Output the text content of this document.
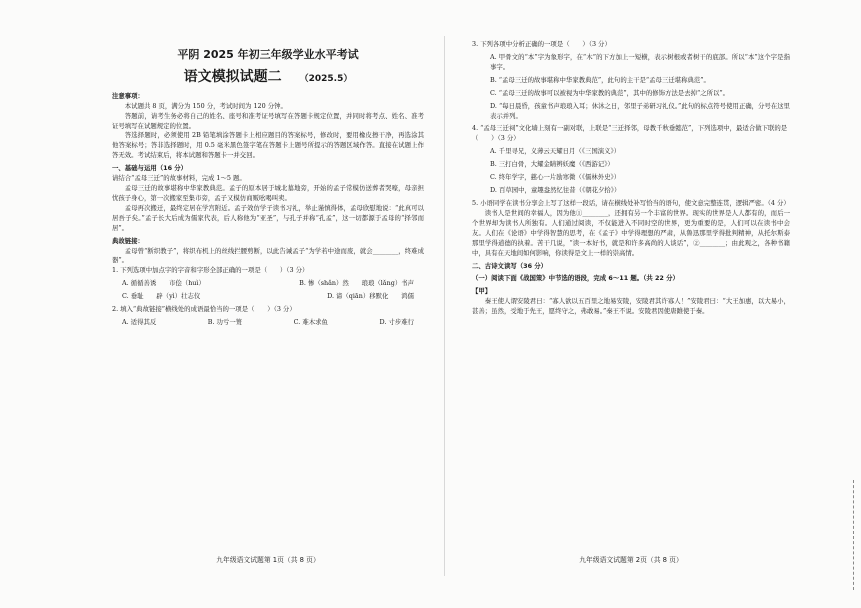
平阴 2025 年初三年级学业水平考试
语文模拟试题二 （2025.5）
注意事项：
本试题共 8 页，满分为 150 分，考试时间为 120 分钟。
答题前，请考生务必将自己的姓名、座号和准考证号填写在答题卡规定位置，并同时将考点、姓名、准考证号填写在试题规定的位置。
答选择题时，必须使用 2B 铅笔填涂答题卡上相应题目的答案标号，修改时，要用橡皮擦干净，再选涂其他答案标号；答非选择题时，用 0.5 毫米黑色签字笔在答题卡上题号所提示的答题区域作答。直接在试题上作答无效。考试结束后，将本试题和答题卡一并交回。
一、基础与运用（16 分）
请结合“孟母三迁”的故事材料，完成 1～5 题。
孟母三迁的故事堪称中华家教典范。孟子的原本居于城北墓地旁，开始的孟子常模仿送葬者哭嚎，母亲担忧孩子身心，第一次搬家至集市旁，孟子又模仿商贩吆喝叫卖。
孟母再次搬迁，最终定居在学宫附近。孟子效仿学子读书习礼，举止谨慎得体，孟母欣慰地说：“此真可以居吾子矣。”孟子长大后成为儒家代表，后人称他为“亚圣”，与孔子并称“孔孟”，这一切都源于孟母的“择邻而居”。
典故链接：
孟母曾“断织教子”，将织布机上的丝线拦腰剪断，以此告诫孟子“为学若中途而废，就会________，终难成器”。
1. 下列选项中加点字的字音和字形全部正确的一项是（　　）（3 分）
A. 循循善诱　　市侩（huì）	B. 惨（shǎn）然　　琅琅（lǎng）书声
C. 垂耻　　辟（yì）壮志仪	D. 谛（qiān）移默化　　鸿儒
2. 填入“典故链接”横线处的成语最恰当的一项是（　　）（3 分）
A. 适得其反	B. 功亏一篑	C. 难木求鱼	D. 寸步难行
九年级语文试题第 1页（共 8 页）
3. 下列各项中分析正确的一项是（　　）（3 分）
A. 甲骨文的“本”字为象形字，在“木”的下方加上一短横，表示树根或者树干的底部。所以“本”这个字是指事字。
B. “孟母三迁的故事堪称中华家教典范”，此句的主干是“孟母三迁堪称典范”。
C. “孟母三迁的故事可以被视为中华家教的典范”，其中的修饰方法是去掉“之所以”。
D. “每日晨昏，孩童书声琅琅入耳；休沐之日，邻里子弟研习礼仪。”此句的标点符号使用正确，分号在这里表示并列。
4. “孟母三迁祠”文化墙上刻有一副对联，上联是“三迁择邻，母教千秋垂懿范”，下列选项中，最适合做下联的是（　　）（3 分）
A. 千里寻兄，义薄云天耀日月（《三国演义》）
B. 三打白骨，大耀金睛辨妖魔（《西游记》）
C. 终年学字，慈心一片励寒微（《儒林外史》）
D. 百草园中，童趣盎然忆往昔（《朝花夕拾》）
5. 小语同学在读书分享会上写了这样一段话，请在横线处补写恰当的语句，使文意完整连贯，逻辑严密。（4 分）
读书人是世间的幸福人，因为他①________，还拥有另一个丰富的世界。现实的世界是人人都有的，而后一个世界却为读书人所独有。人们通过阅读，不仅能进入不同时空的世界，更为重要的是，人们可以在读书中会友。人们在《论语》中学得智慧的思考，在《孟子》中学得理想的严肃，从鲁迅那里学得批判精神，从托尔斯泰那里学得道德的执着。苦干几说，“读一本好书，就是和许多高尚的人谈话”，②________；由此观之，各种书籍中，具有在天地间如何影响，你读得是文上一样的崇高情。
二、古诗文读写（36 分）
（一）阅读下面《战国策》中节选的语段，完成 6～11 题。（共 22 分）
【甲】
秦王使人谓安陵君曰：“寡人欲以五百里之地易安陵，安陵君其许寡人！”安陵君曰：“大王加惠，以大易小，甚善；虽然，受地于先王，愿终守之，弗敢易。”秦王不说。安陵君因使唐雎使于秦。
九年级语文试题第 2页（共 8 页）
